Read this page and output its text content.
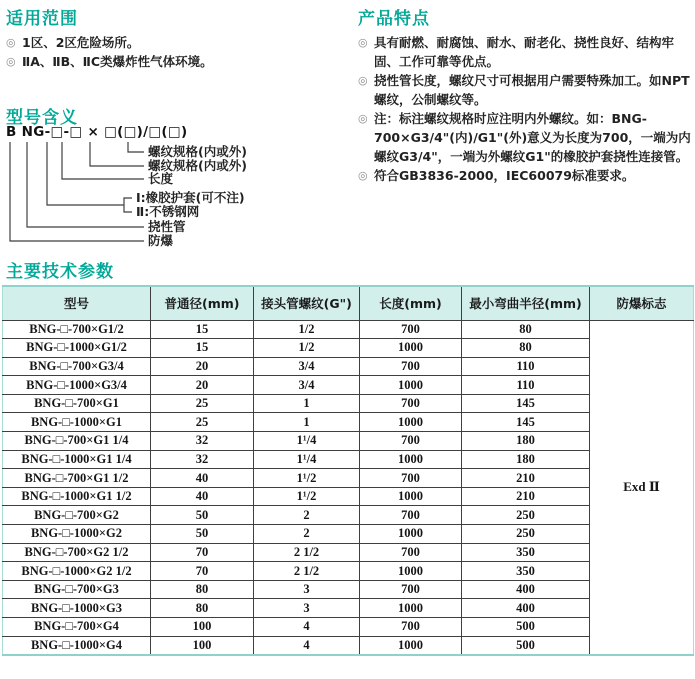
适用范围
◎ 1区、2区危险场所。
◎ ⅡA、ⅡB、ⅡC类爆炸性气体环境。
产品特点
◎ 具有耐燃、耐腐蚀、耐水、耐老化、挠性良好、结构牢固、工作可靠等优点。
◎ 挠性管长度，螺纹尺寸可根据用户需要特殊加工。如NPT螺纹，公制螺纹等。
◎ 注：标注螺纹规格时应注明内外螺纹。如：BNG-700×G3/4"(内)/G1"(外)意义为长度为700，一端为内螺纹G3/4"，一端为外螺纹G1"的橡胶护套挠性连接管。
◎ 符合GB3836-2000，IEC60079标准要求。
型号含义
B NG-□-□ × □(□)/□(□)
螺纹规格(内或外)
螺纹规格(内或外)
长度
Ⅰ:橡胶护套(可不注)
Ⅱ:不锈钢网
挠性管
防爆
主要技术参数
型号	普通径(mm)	接头管螺纹(G")	长度(mm)	最小弯曲半径(mm)	防爆标志
BNG-□-700×G1/2	15	1/2	700	80	Exd Ⅱ
BNG-□-1000×G1/2	15	1/2	1000	80	
BNG-□-700×G3/4	20	3/4	700	110	
BNG-□-1000×G3/4	20	3/4	1000	110	
BNG-□-700×G1	25	1	700	145	
BNG-□-1000×G1	25	1	1000	145	
BNG-□-700×G1 1/4	32	1¹/4	700	180	
BNG-□-1000×G1 1/4	32	1¹/4	1000	180	
BNG-□-700×G1 1/2	40	1¹/2	700	210	
BNG-□-1000×G1 1/2	40	1¹/2	1000	210	
BNG-□-700×G2	50	2	700	250	
BNG-□-1000×G2	50	2	1000	250	
BNG-□-700×G2 1/2	70	2 1/2	700	350	
BNG-□-1000×G2 1/2	70	2 1/2	1000	350	
BNG-□-700×G3	80	3	700	400	
BNG-□-1000×G3	80	3	1000	400	
BNG-□-700×G4	100	4	700	500	
BNG-□-1000×G4	100	4	1000	500	
